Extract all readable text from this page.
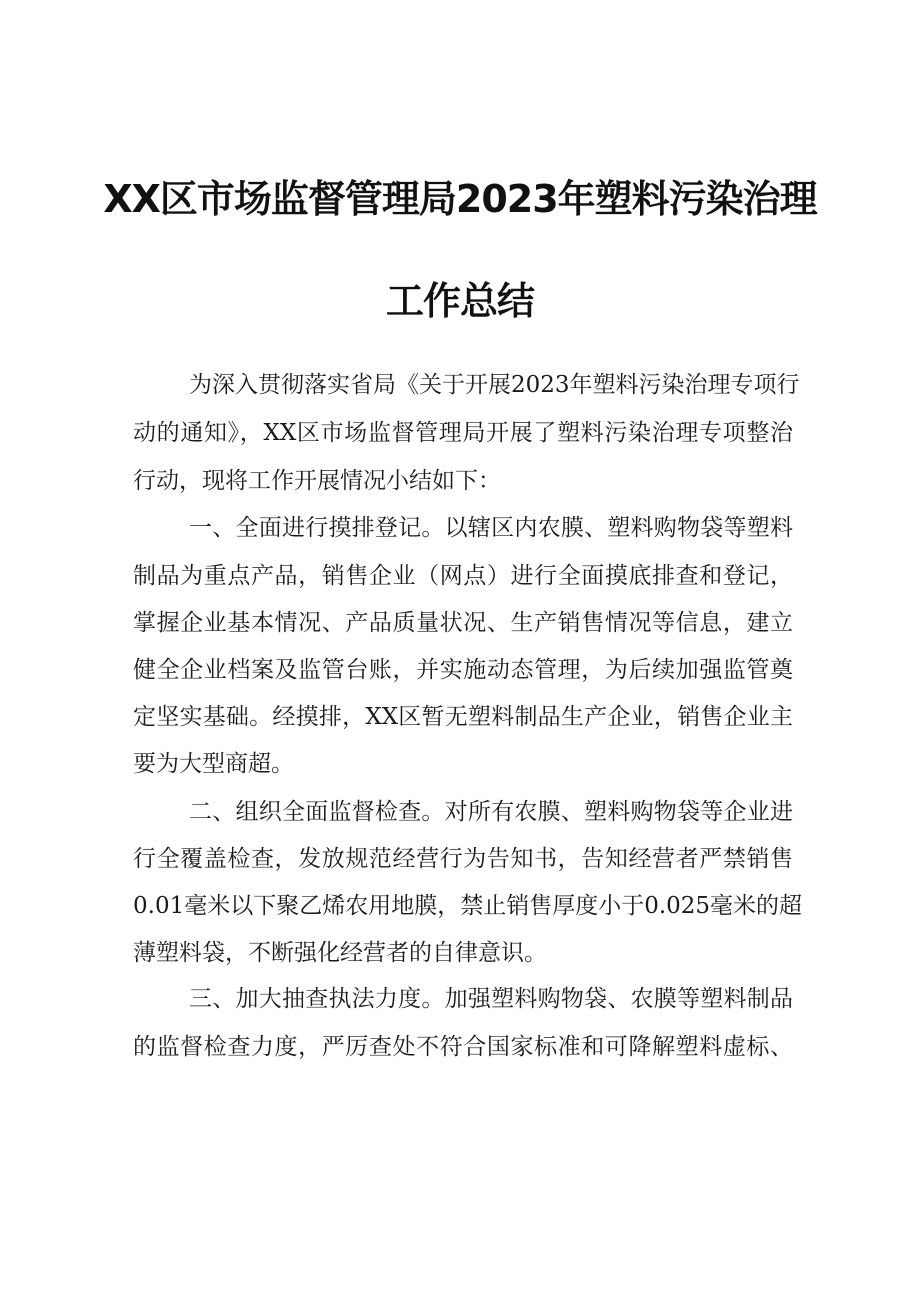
XX区市场监督管理局2023年塑料污染治理
工作总结
为深入贯彻落实省局《关于开展2023年塑料污染治理专项行
动的通知》，XX区市场监督管理局开展了塑料污染治理专项整治
行动，现将工作开展情况小结如下：
一、全面进行摸排登记。以辖区内农膜、塑料购物袋等塑料
制品为重点产品，销售企业（网点）进行全面摸底排查和登记，
掌握企业基本情况、产品质量状况、生产销售情况等信息，建立
健全企业档案及监管台账，并实施动态管理，为后续加强监管奠
定坚实基础。经摸排，XX区暂无塑料制品生产企业，销售企业主
要为大型商超。
二、组织全面监督检查。对所有农膜、塑料购物袋等企业进
行全覆盖检查，发放规范经营行为告知书，告知经营者严禁销售
0.01毫米以下聚乙烯农用地膜，禁止销售厚度小于0.025毫米的超
薄塑料袋，不断强化经营者的自律意识。
三、加大抽查执法力度。加强塑料购物袋、农膜等塑料制品
的监督检查力度，严厉查处不符合国家标准和可降解塑料虚标、
